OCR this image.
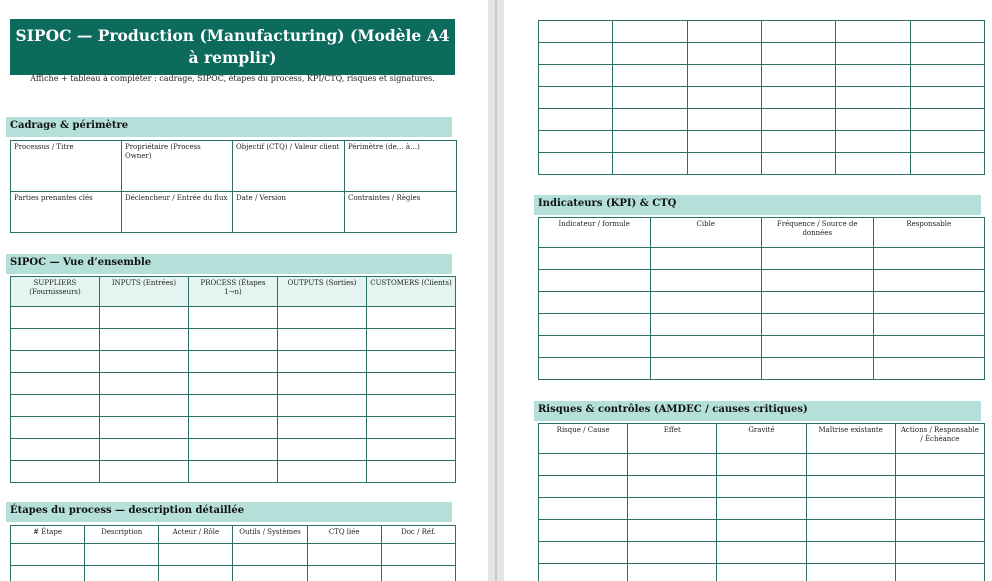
SIPOC — Production (Manufacturing) (Modèle A4 à remplir)
Affiche + tableau à compléter : cadrage, SIPOC, étapes du process, KPI/CTQ, risques et signatures.
Cadrage & périmètre
Processus / Titre	Propriétaire (Process Owner)	Objectif (CTQ) / Valeur client	Périmètre (de… à…)
Parties prenantes clés	Déclencheur / Entrée du flux	Date / Version	Contraintes / Règles
SIPOC — Vue d’ensemble
SUPPLIERS (Fournisseurs)	INPUTS (Entrées)	PROCESS (Étapes 1→n)	OUTPUTS (Sorties)	CUSTOMERS (Clients)

Étapes du process — description détaillée
# Étape	Description	Acteur / Rôle	Outils / Systèmes	CTQ liée	Doc / Réf.

Indicateurs (KPI) & CTQ
Indicateur / formule	Cible	Fréquence / Source de données	Responsable

Risques & contrôles (AMDEC / causes critiques)
Risque / Cause	Effet	Gravité	Maîtrise existante	Actions / Responsable / Échéance
